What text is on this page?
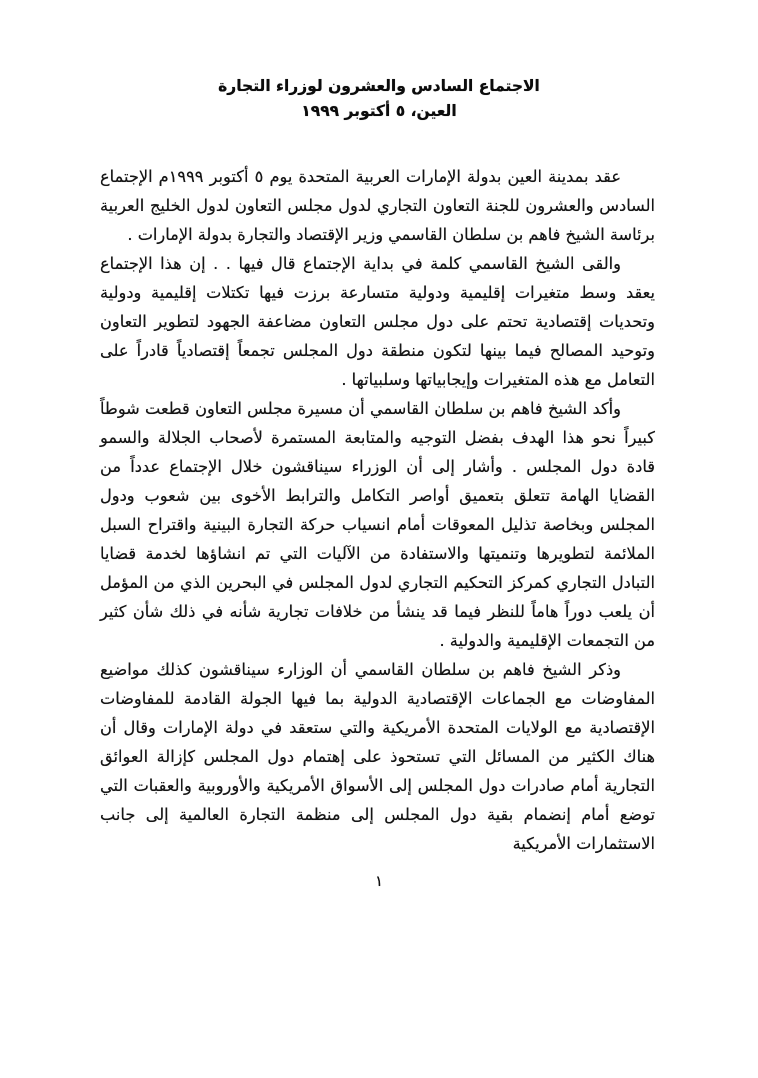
الاجتماع السادس والعشرون لوزراء التجارة
العين، ٥ أكتوبر ١٩٩٩

عقد بمدينة العين بدولة الإمارات العربية المتحدة يوم ٥ أكتوبر ١٩٩٩م الإجتماع السادس والعشرون للجنة التعاون التجاري لدول مجلس التعاون لدول الخليج العربية برئاسة الشيخ فاهم بن سلطان القاسمي وزير الإقتصاد والتجارة بدولة الإمارات .

والقى الشيخ القاسمي كلمة في بداية الإجتماع قال فيها . . إن هذا الإجتماع يعقد وسط متغيرات إقليمية ودولية متسارعة برزت فيها تكتلات إقليمية ودولية وتحديات إقتصادية تحتم على دول مجلس التعاون مضاعفة الجهود لتطوير التعاون وتوحيد المصالح فيما بينها لتكون منطقة دول المجلس تجمعاً إقتصادياً قادراً على التعامل مع هذه المتغيرات وإيجابياتها وسلبياتها .

وأكد الشيخ فاهم بن سلطان القاسمي أن مسيرة مجلس التعاون قطعت شوطاً كبيراً نحو هذا الهدف بفضل التوجيه والمتابعة المستمرة لأصحاب الجلالة والسمو قادة دول المجلس . وأشار إلى أن الوزراء سيناقشون خلال الإجتماع عدداً من القضايا الهامة تتعلق بتعميق أواصر التكامل والترابط الأخوى بين شعوب ودول المجلس وبخاصة تذليل المعوقات أمام انسياب حركة التجارة البينية واقتراح السبل الملائمة لتطويرها وتنميتها والاستفادة من الآليات التي تم انشاؤها لخدمة قضايا التبادل التجاري كمركز التحكيم التجاري لدول المجلس في البحرين الذي من المؤمل أن يلعب دوراً هاماً للنظر فيما قد ينشأ من خلافات تجارية شأنه في ذلك شأن كثير من التجمعات الإقليمية والدولية .

وذكر الشيخ فاهم بن سلطان القاسمي أن الوزارء سيناقشون كذلك مواضيع المفاوضات مع الجماعات الإقتصادية الدولية بما فيها الجولة القادمة للمفاوضات الإقتصادية مع الولايات المتحدة الأمريكية والتي ستعقد في دولة الإمارات وقال أن هناك الكثير من المسائل التي تستحوذ على إهتمام دول المجلس كإزالة العوائق التجارية أمام صادرات دول المجلس إلى الأسواق الأمريكية والأوروبية والعقبات التي توضع أمام إنضمام بقية دول المجلس إلى منظمة التجارة العالمية إلى جانب الاستثمارات الأمريكية

١
